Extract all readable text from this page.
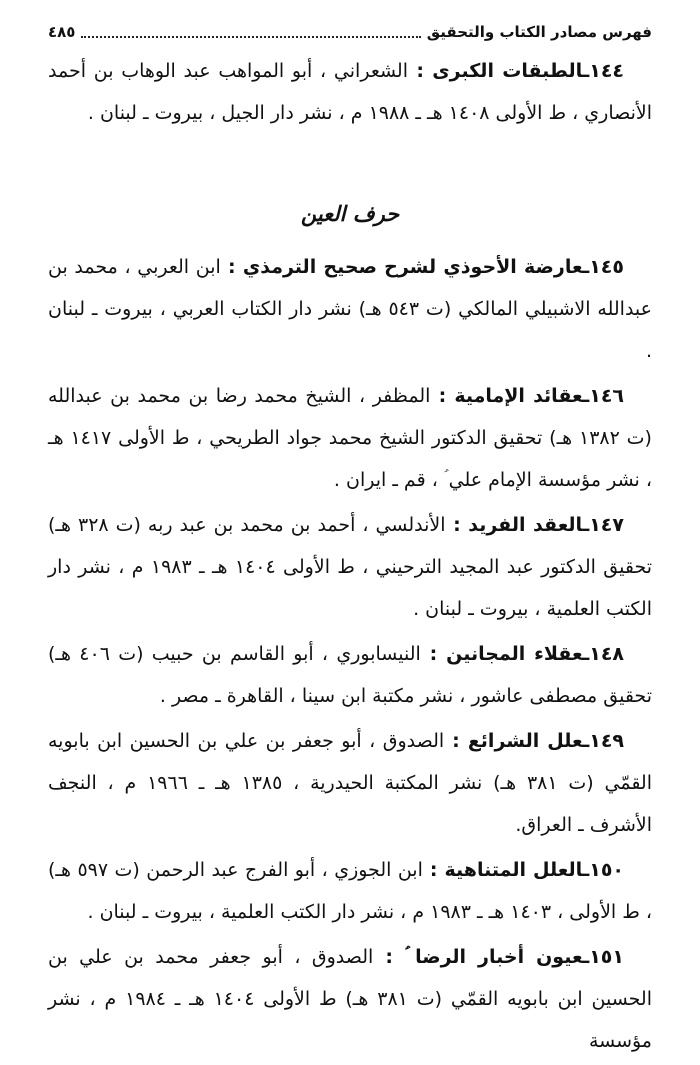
فهرس مصادر الكتاب والتحقيق
٤٨٥

١٤٤ـالطبقات الكبرى : الشعراني ، أبو المواهب عبد الوهاب بن أحمد الأنصاري ، ط الأولى ١٤٠٨ هـ ـ ١٩٨٨ م ، نشر دار الجيل ، بيروت ـ لبنان .

حرف العين

١٤٥ـعارضة الأحوذي لشرح صحيح الترمذي : ابن العربي ، محمد بن عبدالله الاشبيلي المالكي (ت ٥٤٣ هـ) نشر دار الكتاب العربي ، بيروت ـ لبنان .

١٤٦ـعقائد الإمامية : المظفر ، الشيخ محمد رضا بن محمد بن عبدالله (ت ١٣٨٢ هـ) تحقيق الدكتور الشيخ محمد جواد الطريحي ، ط الأولى ١٤١٧ هـ ، نشر مؤسسة الإمام علي ؑ ، قم ـ ايران .

١٤٧ـالعقد الفريد : الأندلسي ، أحمد بن محمد بن عبد ربه (ت ٣٢٨ هـ) تحقيق الدكتور عبد المجيد الترحيني ، ط الأولى ١٤٠٤ هـ ـ ١٩٨٣ م ، نشر دار الكتب العلمية ، بيروت ـ لبنان .

١٤٨ـعقلاء المجانين : النيسابوري ، أبو القاسم بن حبيب (ت ٤٠٦ هـ) تحقيق مصطفى عاشور ، نشر مكتبة ابن سينا ، القاهرة ـ مصر .

١٤٩ـعلل الشرائع : الصدوق ، أبو جعفر بن علي بن الحسين ابن بابويه القمّي (ت ٣٨١ هـ) نشر المكتبة الحيدرية ، ١٣٨٥ هـ ـ ١٩٦٦ م ، النجف الأشرف ـ العراق.

١٥٠ـالعلل المتناهية : ابن الجوزي ، أبو الفرج عبد الرحمن (ت ٥٩٧ هـ) ، ط الأولى ، ١٤٠٣ هـ ـ ١٩٨٣ م ، نشر دار الكتب العلمية ، بيروت ـ لبنان .

١٥١ـعيون أخبار الرضا ؑ : الصدوق ، أبو جعفر محمد بن علي بن الحسين ابن بابويه القمّي (ت ٣٨١ هـ) ط الأولى ١٤٠٤ هـ ـ ١٩٨٤ م ، نشر مؤسسة
